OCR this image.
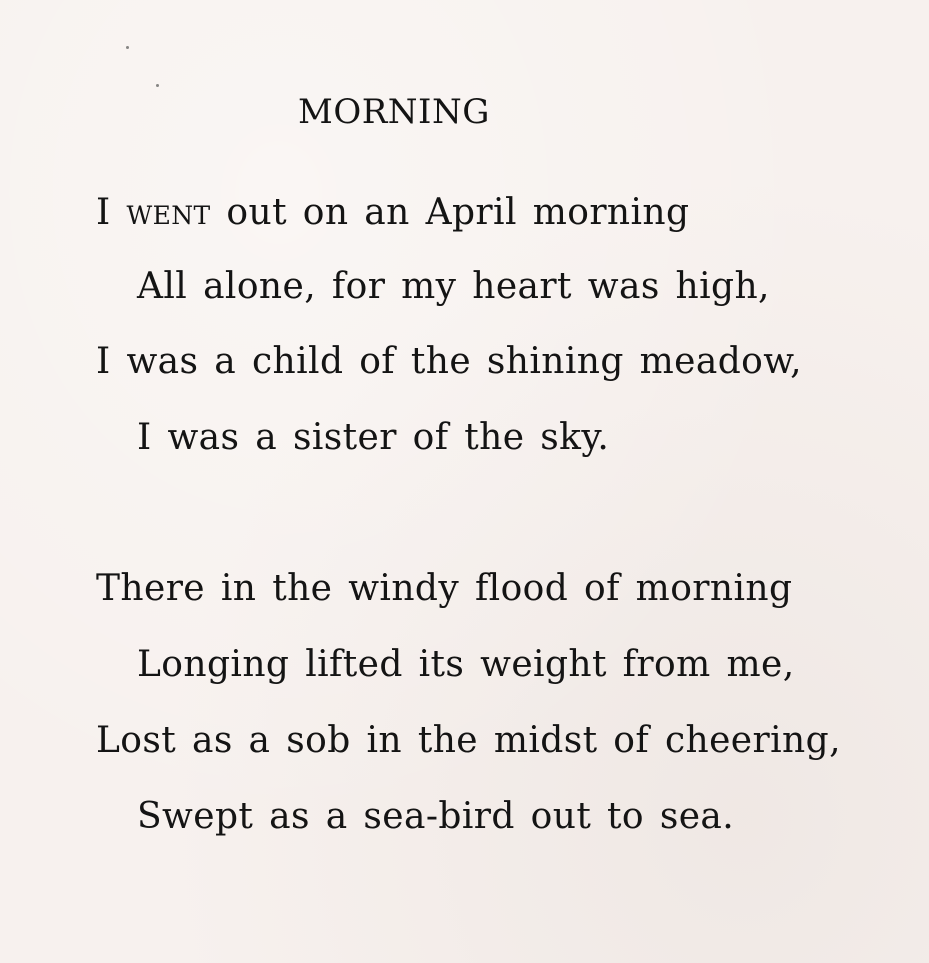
MORNING

I went out on an April morning

All alone, for my heart was high,

I was a child of the shining meadow,

I was a sister of the sky.

There in the windy flood of morning

Longing lifted its weight from me,

Lost as a sob in the midst of cheering,

Swept as a sea-bird out to sea.
